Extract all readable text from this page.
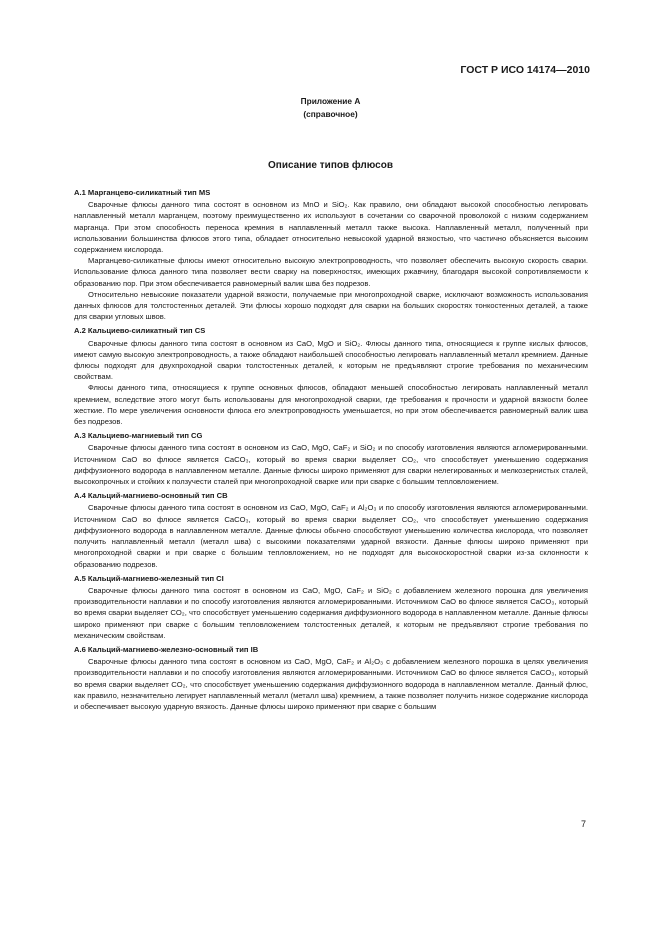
ГОСТ Р ИСО 14174—2010
Приложение А
(справочное)
Описание типов флюсов
А.1 Марганцево-силикатный тип MS

Сварочные флюсы данного типа состоят в основном из MnO и SiO₂. Как правило, они обладают высокой способностью легировать наплавленный металл марганцем, поэтому преимущественно их используют в сочетании со сварочной проволокой с низким содержанием марганца. При этом способность переноса кремния в наплавленный металл также высока. Наплавленный металл, полученный при использовании большинства флюсов этого типа, обладает относительно невысокой ударной вязкостью, что частично объясняется высоким содержанием кислорода.

Марганцево-силикатные флюсы имеют относительно высокую электропроводность, что позволяет обеспечить высокую скорость сварки. Использование флюса данного типа позволяет вести сварку на поверхностях, имеющих ржавчину, благодаря высокой сопротивляемости к образованию пор. При этом обеспечивается равномерный валик шва без подрезов.

Относительно невысокие показатели ударной вязкости, получаемые при многопроходной сварке, исключают возможность использования данных флюсов для толстостенных деталей. Эти флюсы хорошо подходят для сварки на больших скоростях тонкостенных деталей, а также для сварки угловых швов.

А.2 Кальциево-силикатный тип CS

Сварочные флюсы данного типа состоят в основном из CaO, MgO и SiO₂. Флюсы данного типа, относящиеся к группе кислых флюсов, имеют самую высокую электропроводность, а также обладают наибольшей способностью легировать наплавленный металл кремнием. Данные флюсы подходят для двухпроходной сварки толстостенных деталей, к которым не предъявляют строгие требования по механическим свойствам.

Флюсы данного типа, относящиеся к группе основных флюсов, обладают меньшей способностью легировать наплавленный металл кремнием, вследствие этого могут быть использованы для многопроходной сварки, где требования к прочности и ударной вязкости более жесткие. По мере увеличения основности флюса его электропроводность уменьшается, но при этом обеспечивается равномерный валик шва без подрезов.

А.3 Кальциево-магниевый тип CG

Сварочные флюсы данного типа состоят в основном из CaO, MgO, CaF₂ и SiO₂ и по способу изготовления являются агломерированными. Источником CaO во флюсе является CaCO₃, который во время сварки выделяет CO₂, что способствует уменьшению содержания диффузионного водорода в наплавленном металле. Данные флюсы широко применяют для сварки нелегированных и мелкозернистых сталей, высокопрочных и стойких к ползучести сталей при многопроходной сварке или при сварке с большим тепловложением.

А.4 Кальций-магниево-основный тип CB

Сварочные флюсы данного типа состоят в основном из CaO, MgO, CaF₂ и Al₂O₃ и по способу изготовления являются агломерированными. Источником CaO во флюсе является CaCO₃, который во время сварки выделяет CO₂, что способствует уменьшению содержания диффузионного водорода в наплавленном металле. Данные флюсы обычно способствуют уменьшению количества кислорода, что позволяет получить наплавленный металл (металл шва) с высокими показателями ударной вязкости. Данные флюсы широко применяют при многопроходной сварки и при сварке с большим тепловложением, но не подходят для высокоскоростной сварки из-за склонности к образованию подрезов.

А.5 Кальций-магниево-железный тип CI

Сварочные флюсы данного типа состоят в основном из CaO, MgO, CaF₂ и SiO₂ с добавлением железного порошка для увеличения производительности наплавки и по способу изготовления являются агломерированными. Источником CaO во флюсе является CaCO₃, который во время сварки выделяет CO₂, что способствует уменьшению содержания диффузионного водорода в наплавленном металле. Данные флюсы широко применяют при сварке с большим тепловложением толстостенных деталей, к которым не предъявляют строгие требования по механическим свойствам.

А.6 Кальций-магниево-железно-основный тип IB

Сварочные флюсы данного типа состоят в основном из CaO, MgO, CaF₂ и Al₂O₃ с добавлением железного порошка в целях увеличения производительности наплавки и по способу изготовления являются агломерированными. Источником CaO во флюсе является CaCO₃, который во время сварки выделяет CO₂, что способствует уменьшению содержания диффузионного водорода в наплавленном металле. Данный флюс, как правило, незначительно легирует наплавленный металл (металл шва) кремнием, а также позволяет получить низкое содержание кислорода и обеспечивает высокую ударную вязкость. Данные флюсы широко применяют при сварке с большим

7
